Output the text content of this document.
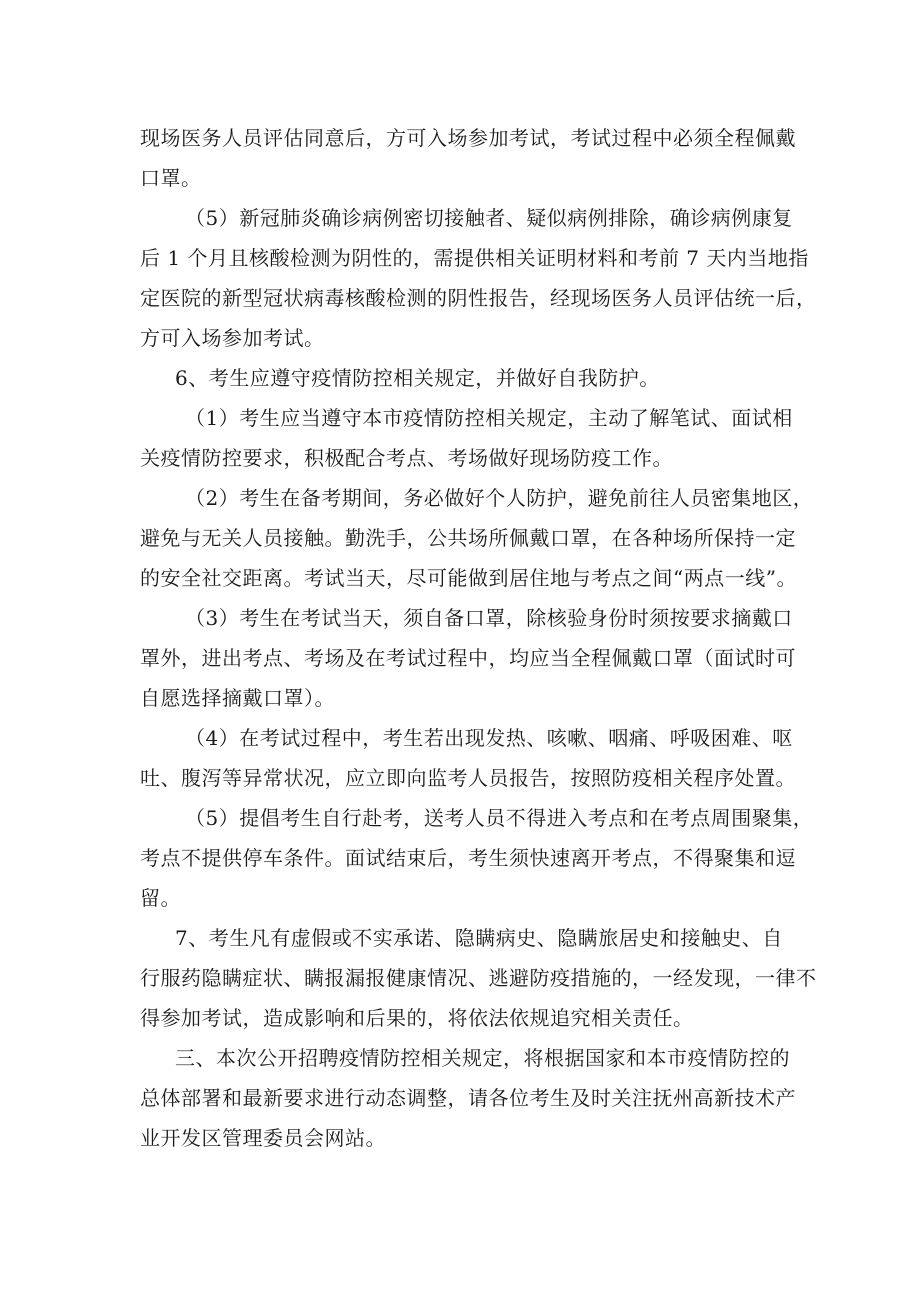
现场医务人员评估同意后，方可入场参加考试，考试过程中必须全程佩戴

口罩。

（5）新冠肺炎确诊病例密切接触者、疑似病例排除，确诊病例康复

后 1 个月且核酸检测为阴性的，需提供相关证明材料和考前 7 天内当地指

定医院的新型冠状病毒核酸检测的阴性报告，经现场医务人员评估统一后，

方可入场参加考试。

6、考生应遵守疫情防控相关规定，并做好自我防护。

（1）考生应当遵守本市疫情防控相关规定，主动了解笔试、面试相

关疫情防控要求，积极配合考点、考场做好现场防疫工作。

（2）考生在备考期间，务必做好个人防护，避免前往人员密集地区，

避免与无关人员接触。勤洗手，公共场所佩戴口罩，在各种场所保持一定

的安全社交距离。考试当天，尽可能做到居住地与考点之间“两点一线”。

（3）考生在考试当天，须自备口罩，除核验身份时须按要求摘戴口

罩外，进出考点、考场及在考试过程中，均应当全程佩戴口罩（面试时可

自愿选择摘戴口罩）。

（4）在考试过程中，考生若出现发热、咳嗽、咽痛、呼吸困难、呕

吐、腹泻等异常状况，应立即向监考人员报告，按照防疫相关程序处置。

（5）提倡考生自行赴考，送考人员不得进入考点和在考点周围聚集，

考点不提供停车条件。面试结束后，考生须快速离开考点，不得聚集和逗

留。

7、考生凡有虚假或不实承诺、隐瞒病史、隐瞒旅居史和接触史、自

行服药隐瞒症状、瞒报漏报健康情况、逃避防疫措施的，一经发现，一律不

得参加考试，造成影响和后果的，将依法依规追究相关责任。

三、本次公开招聘疫情防控相关规定，将根据国家和本市疫情防控的

总体部署和最新要求进行动态调整，请各位考生及时关注抚州高新技术产

业开发区管理委员会网站。
